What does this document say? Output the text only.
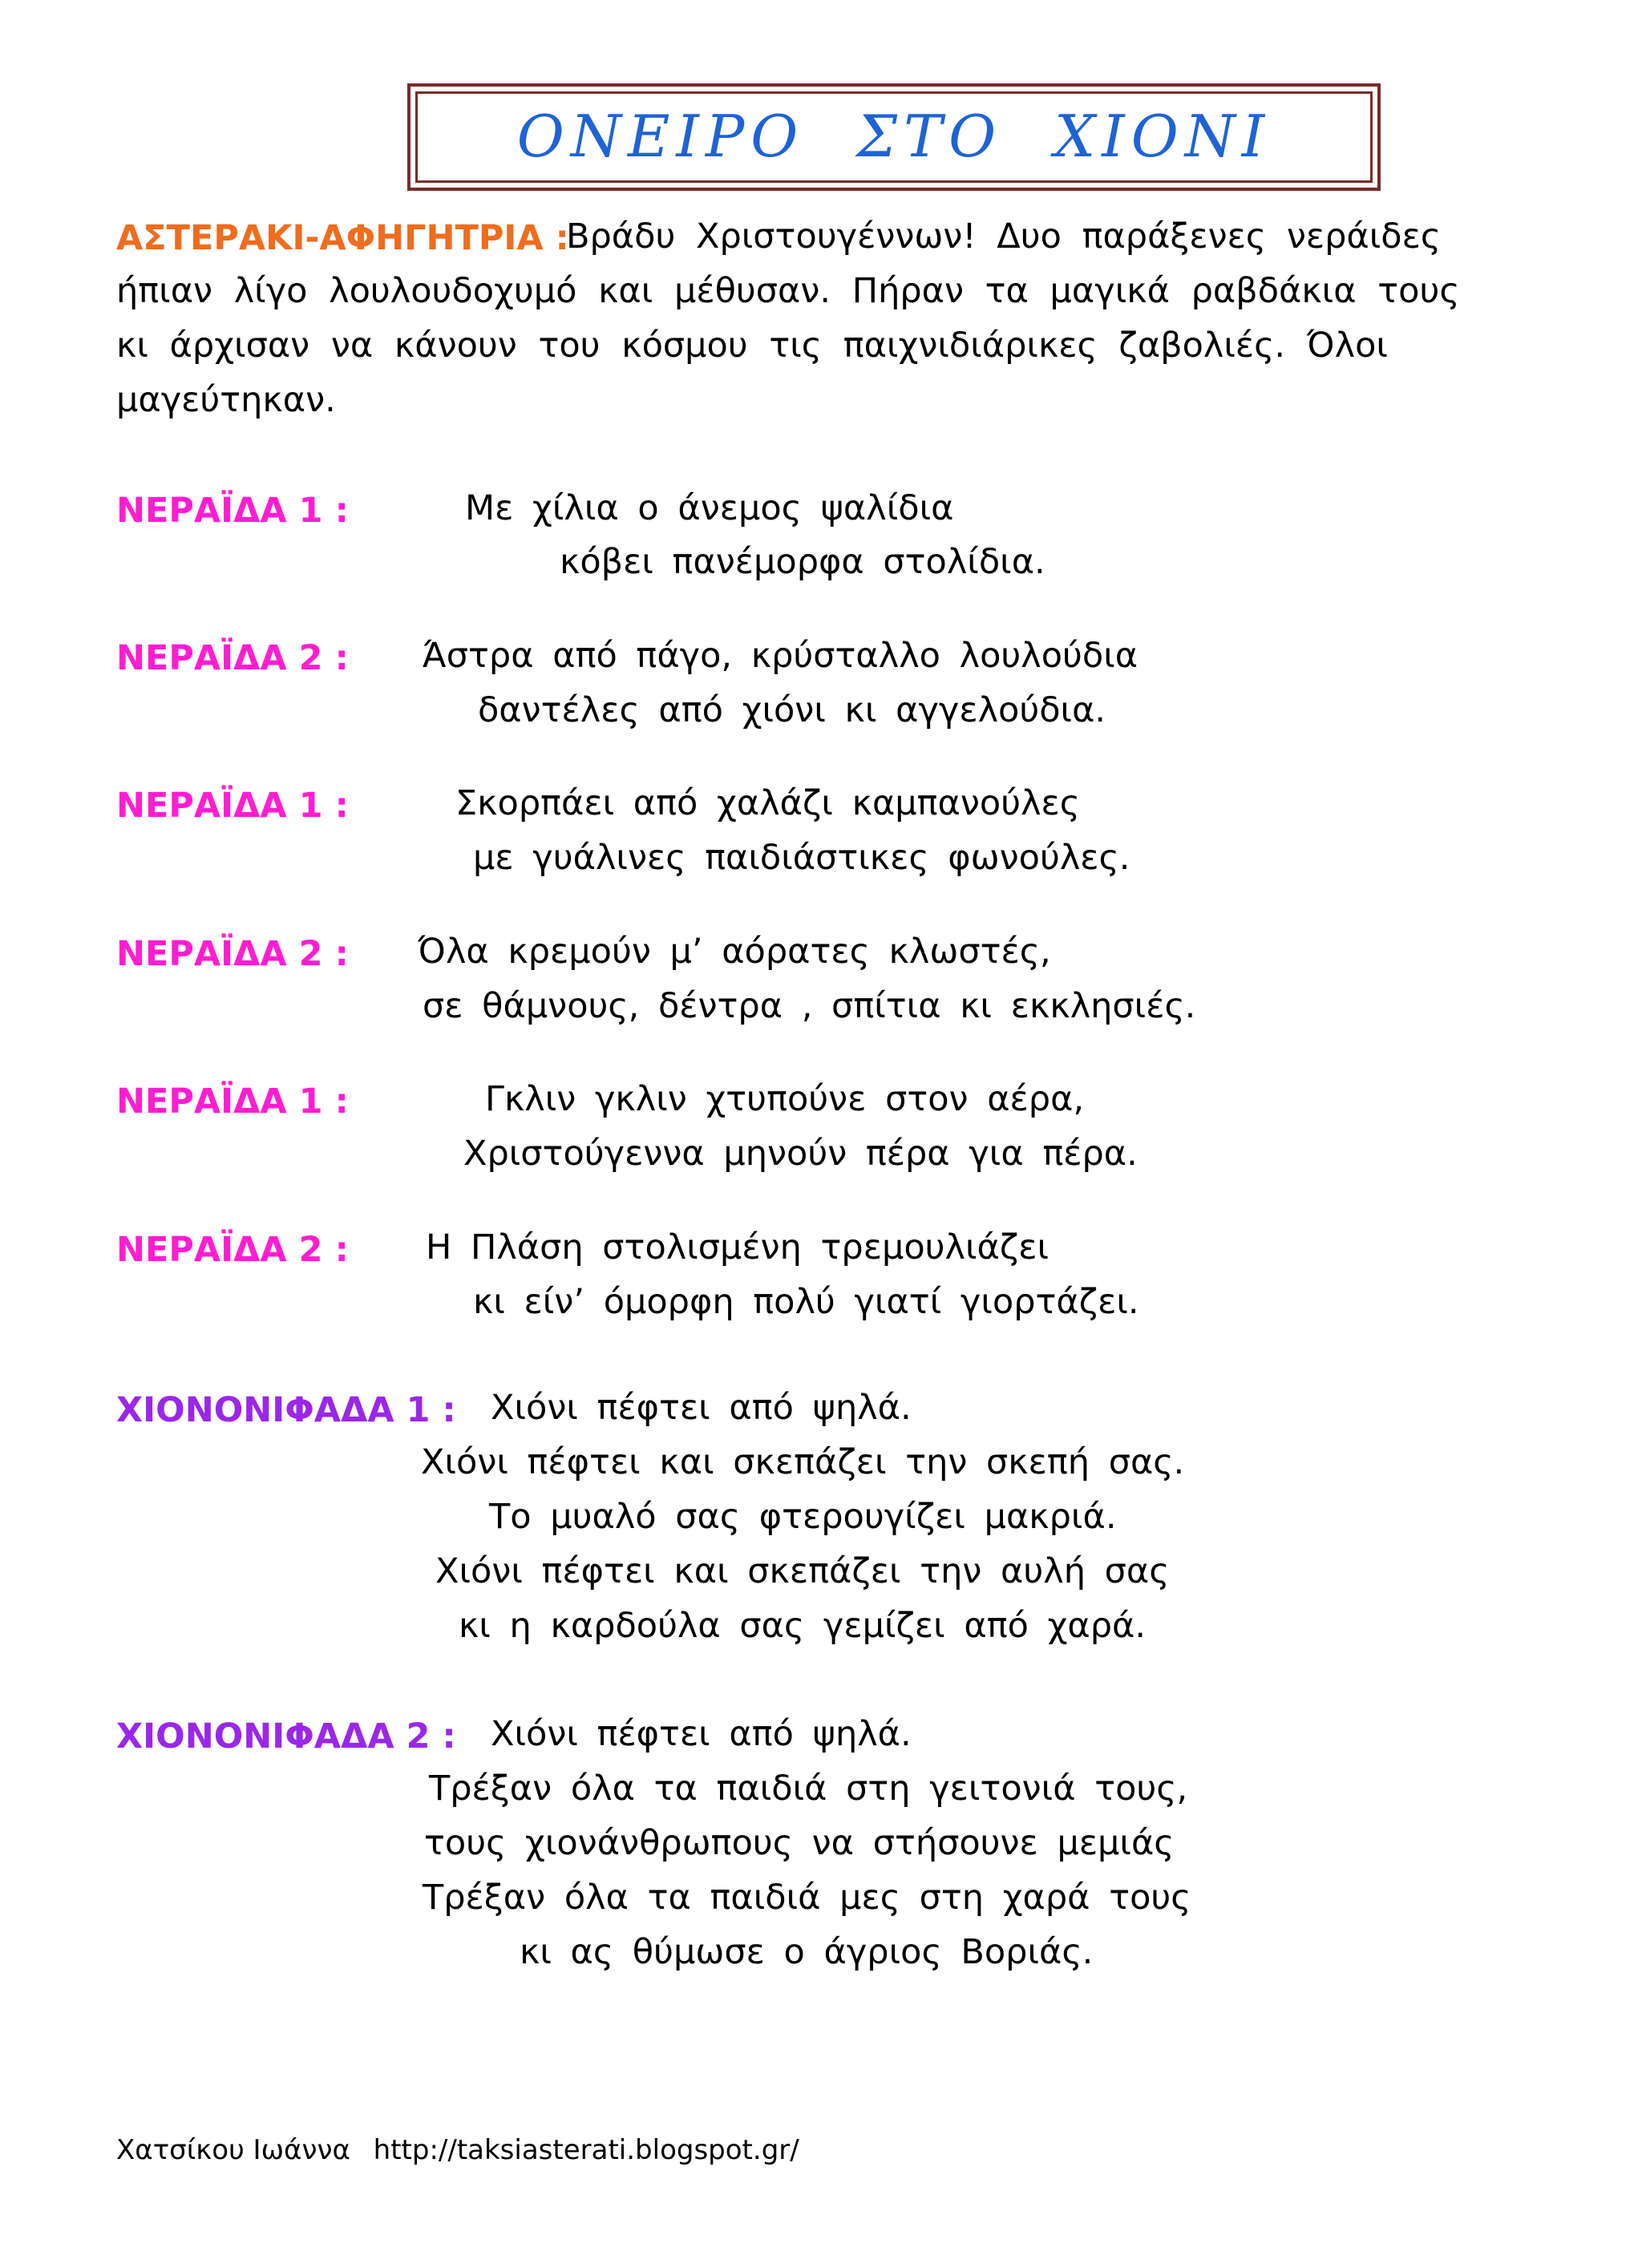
ΟΝΕΙΡΟ ΣΤΟ ΧΙΟΝΙ
ΑΣΤΕΡΑΚΙ-ΑΦΗΓΗΤΡΙΑ :
Βράδυ Χριστουγέννων! Δυο παράξενες νεράιδες
ήπιαν λίγο λουλουδοχυμό και μέθυσαν. Πήραν τα μαγικά ραβδάκια τους
κι άρχισαν να κάνουν του κόσμου τις παιχνιδιάρικες ζαβολιές. Όλοι
μαγεύτηκαν.
ΝΕΡΑΪΔΑ 1 :	Με χίλια ο άνεμος ψαλίδια
κόβει πανέμορφα στολίδια.
ΝΕΡΑΪΔΑ 2 : Άστρα από πάγο, κρύσταλλο λουλούδια
δαντέλες από χιόνι κι αγγελούδια.
ΝΕΡΑΪΔΑ 1 :	Σκορπάει από χαλάζι καμπανούλες
με γυάλινες παιδιάστικες φωνούλες.
ΝΕΡΑΪΔΑ 2 : Όλα κρεμούν μ’ αόρατες κλωστές,
σε θάμνους, δέντρα , σπίτια κι εκκλησιές.
ΝΕΡΑΪΔΑ 1 :	Γκλιν γκλιν χτυπούνε στον αέρα,
Χριστούγεννα μηνούν πέρα για πέρα.
ΝΕΡΑΪΔΑ 2 : Η Πλάση στολισμένη τρεμουλιάζει
κι είν’ όμορφη πολύ γιατί γιορτάζει.
ΧΙΟΝΟΝΙΦΑΔΑ 1 : Χιόνι πέφτει από ψηλά.
Χιόνι πέφτει και σκεπάζει την σκεπή σας.
Το μυαλό σας φτερουγίζει μακριά.
Χιόνι πέφτει και σκεπάζει την αυλή σας
κι η καρδούλα σας γεμίζει από χαρά.
ΧΙΟΝΟΝΙΦΑΔΑ 2 : Χιόνι πέφτει από ψηλά.
Τρέξαν όλα τα παιδιά στη γειτονιά τους,
τους χιονάνθρωπους να στήσουνε μεμιάς
Τρέξαν όλα τα παιδιά μες στη χαρά τους
κι ας θύμωσε ο άγριος Βοριάς.
Χατσίκου Ιωάννα http://taksiasterati.blogspot.gr/
